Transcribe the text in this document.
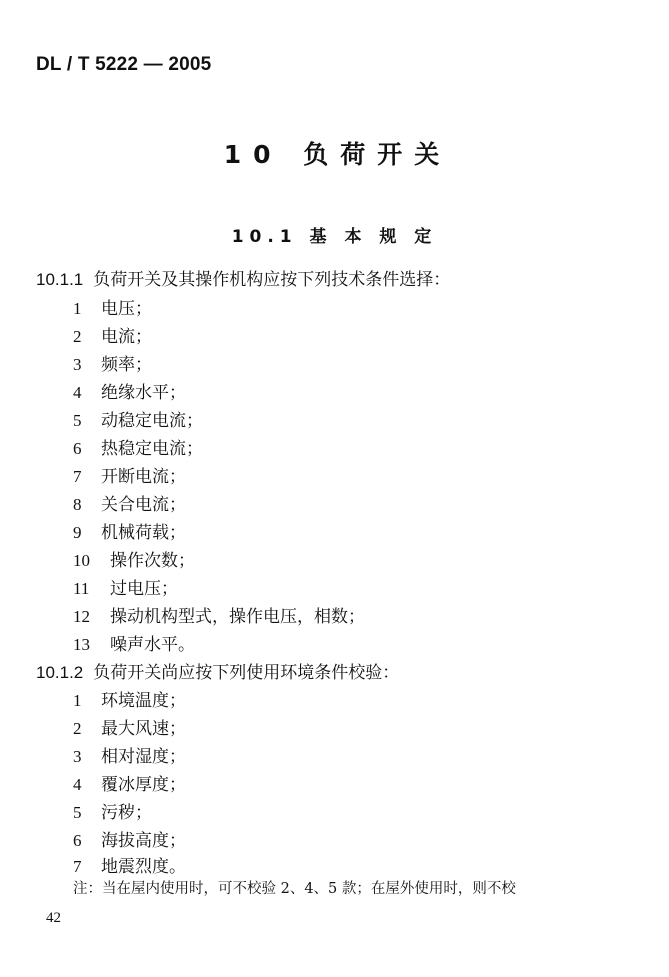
DL / T 5222 — 2005
10 负荷开关
10.1 基 本 规 定
10.1.1 负荷开关及其操作机构应按下列技术条件选择：
1 电压；
2 电流；
3 频率；
4 绝缘水平；
5 动稳定电流；
6 热稳定电流；
7 开断电流；
8 关合电流；
9 机械荷载；
10 操作次数；
11 过电压；
12 操动机构型式，操作电压，相数；
13 噪声水平。
10.1.2 负荷开关尚应按下列使用环境条件校验：
1 环境温度；
2 最大风速；
3 相对湿度；
4 覆冰厚度；
5 污秽；
6 海拔高度；
7 地震烈度。
注：当在屋内使用时，可不校验 2、4、5 款；在屋外使用时，则不校
42
